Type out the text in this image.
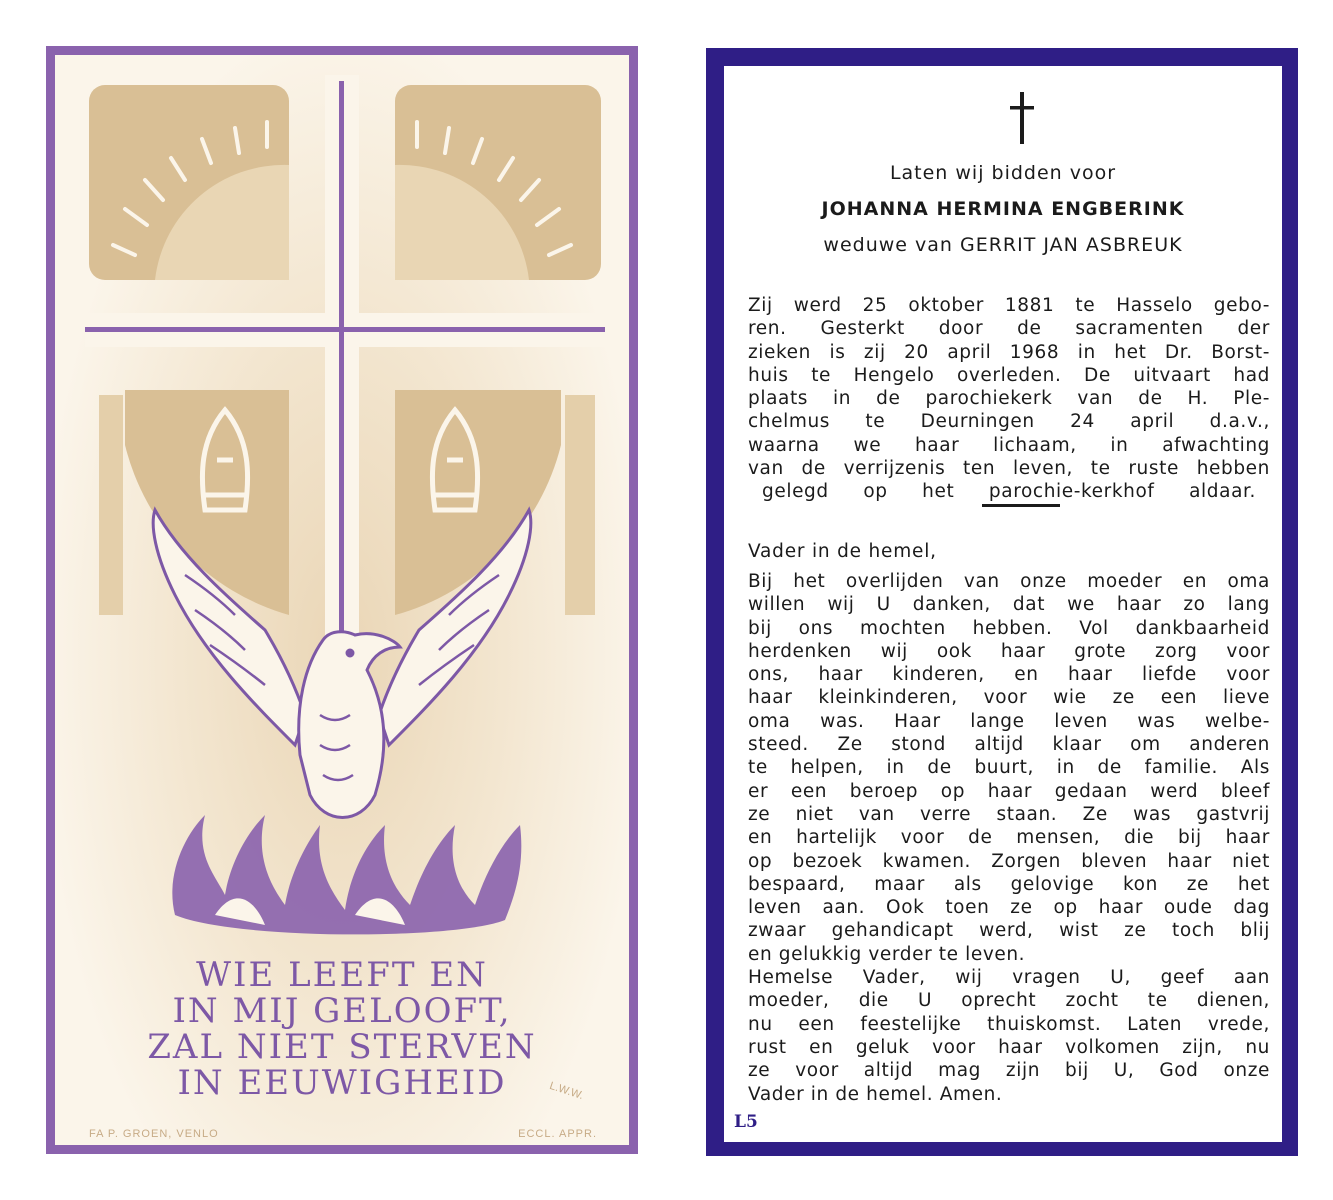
WIE LEEFT EN
IN MIJ GELOOFT,
ZAL NIET STERVEN
IN EEUWIGHEID	L.W.W.
FA P. GROEN, VENLO	ECCL. APPR.
Laten wij bidden voor
JOHANNA HERMINA ENGBERINK
weduwe van GERRIT JAN ASBREUK
Zij werd 25 oktober 1881 te Hasselo gebo-
ren. Gesterkt door de sacramenten der
zieken is zij 20 april 1968 in het Dr. Borst-
huis te Hengelo overleden. De uitvaart had
plaats in de parochiekerk van de H. Ple-
chelmus te Deurningen 24 april d.a.v.,
waarna we haar lichaam, in afwachting
van de verrijzenis ten leven, te ruste hebben
gelegd op het parochie-kerkhof aldaar.
Vader in de hemel,
Bij het overlijden van onze moeder en oma
willen wij U danken, dat we haar zo lang
bij ons mochten hebben. Vol dankbaarheid
herdenken wij ook haar grote zorg voor
ons, haar kinderen, en haar liefde voor
haar kleinkinderen, voor wie ze een lieve
oma was. Haar lange leven was welbe-
steed. Ze stond altijd klaar om anderen
te helpen, in de buurt, in de familie. Als
er een beroep op haar gedaan werd bleef
ze niet van verre staan. Ze was gastvrij
en hartelijk voor de mensen, die bij haar
op bezoek kwamen. Zorgen bleven haar niet
bespaard, maar als gelovige kon ze het
leven aan. Ook toen ze op haar oude dag
zwaar gehandicapt werd, wist ze toch blij
en gelukkig verder te leven.
Hemelse Vader, wij vragen U, geef aan
moeder, die U oprecht zocht te dienen,
nu een feestelijke thuiskomst. Laten vrede,
rust en geluk voor haar volkomen zijn, nu
ze voor altijd mag zijn bij U, God onze
Vader in de hemel. Amen.
L5
